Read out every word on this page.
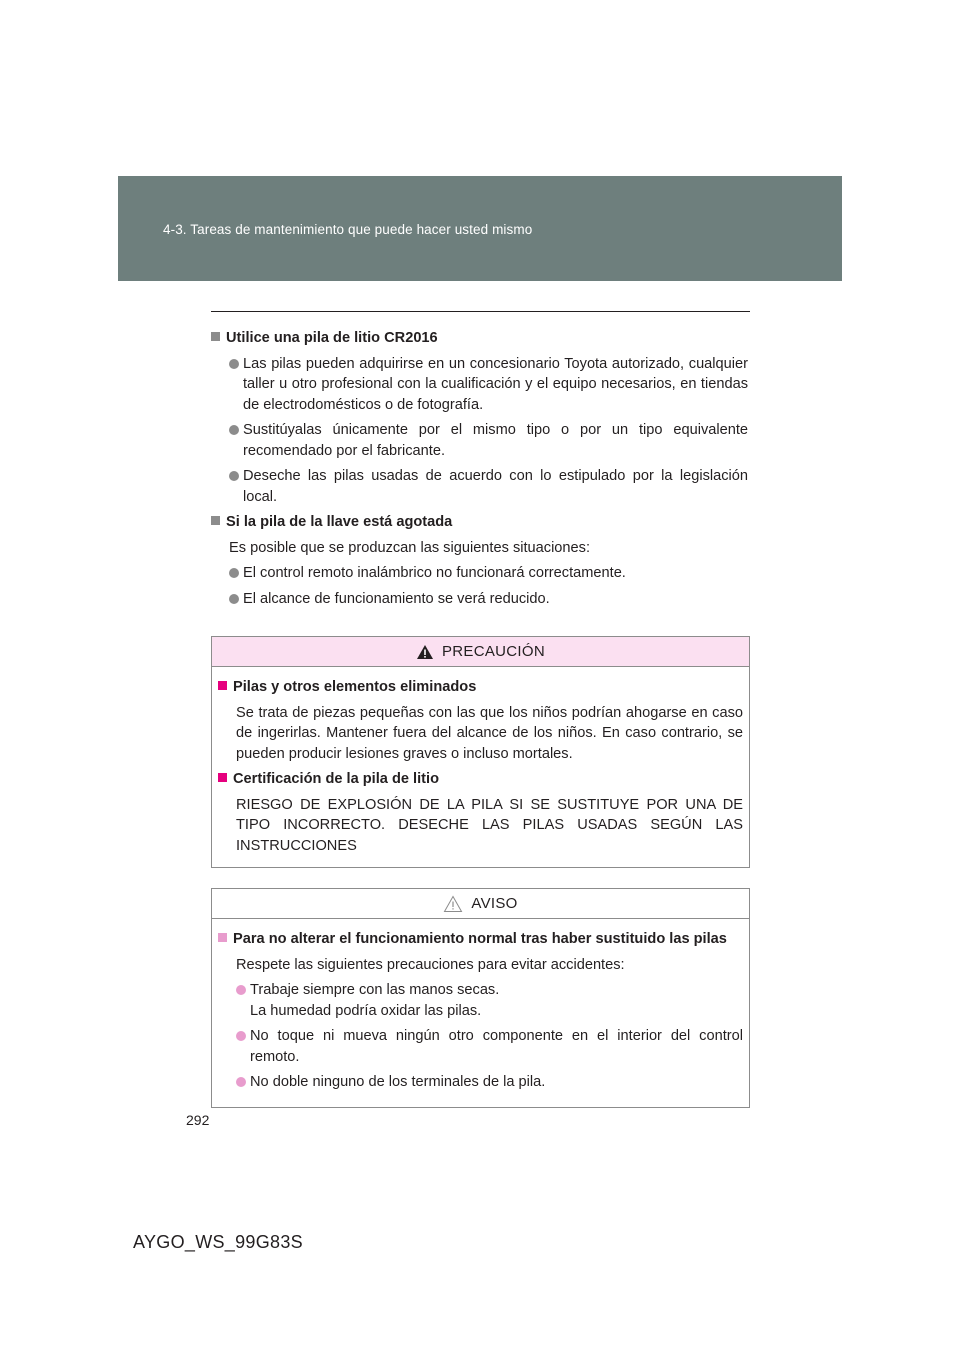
4-3. Tareas de mantenimiento que puede hacer usted mismo
Utilice una pila de litio CR2016
Las pilas pueden adquirirse en un concesionario Toyota autorizado, cualquier taller u otro profesional con la cualificación y el equipo necesarios, en tiendas de electrodomésticos o de fotografía.
Sustitúyalas únicamente por el mismo tipo o por un tipo equivalente recomendado por el fabricante.
Deseche las pilas usadas de acuerdo con lo estipulado por la legislación local.
Si la pila de la llave está agotada
Es posible que se produzcan las siguientes situaciones:
El control remoto inalámbrico no funcionará correctamente.
El alcance de funcionamiento se verá reducido.
PRECAUCIÓN
Pilas y otros elementos eliminados
Se trata de piezas pequeñas con las que los niños podrían ahogarse en caso de ingerirlas. Mantener fuera del alcance de los niños. En caso contrario, se pueden producir lesiones graves o incluso mortales.
Certificación de la pila de litio
RIESGO DE EXPLOSIÓN DE LA PILA SI SE SUSTITUYE POR UNA DE TIPO INCORRECTO. DESECHE LAS PILAS USADAS SEGÚN LAS INSTRUCCIONES
AVISO
Para no alterar el funcionamiento normal tras haber sustituido las pilas
Respete las siguientes precauciones para evitar accidentes:
Trabaje siempre con las manos secas.
La humedad podría oxidar las pilas.
No toque ni mueva ningún otro componente en el interior del control remoto.
No doble ninguno de los terminales de la pila.
292
AYGO_WS_99G83S
